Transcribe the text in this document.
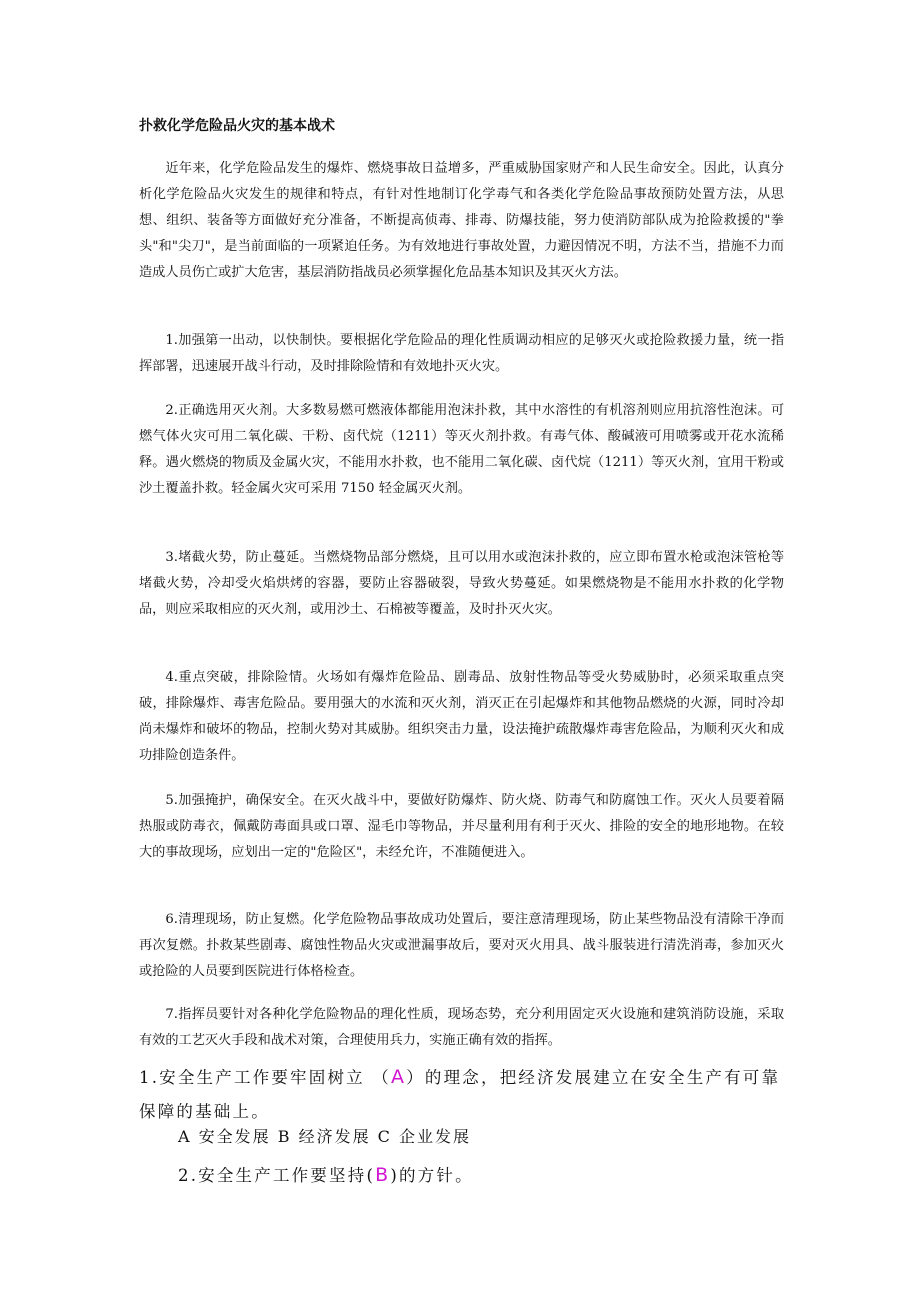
扑救化学危险品火灾的基本战术

近年来，化学危险品发生的爆炸、燃烧事故日益增多，严重威胁国家财产和人民生命安全。因此，认真分析化学危险品火灾发生的规律和特点，有针对性地制订化学毒气和各类化学危险品事故预防处置方法，从思想、组织、装备等方面做好充分准备，不断提高侦毒、排毒、防爆技能，努力使消防部队成为抢险救援的"拳头"和"尖刀"，是当前面临的一项紧迫任务。为有效地进行事故处置，力避因情况不明，方法不当，措施不力而造成人员伤亡或扩大危害，基层消防指战员必须掌握化危品基本知识及其灭火方法。

1.加强第一出动，以快制快。要根据化学危险品的理化性质调动相应的足够灭火或抢险救援力量，统一指挥部署，迅速展开战斗行动，及时排除险情和有效地扑灭火灾。

2.正确选用灭火剂。大多数易燃可燃液体都能用泡沫扑救，其中水溶性的有机溶剂则应用抗溶性泡沫。可燃气体火灾可用二氧化碳、干粉、卤代烷（1211）等灭火剂扑救。有毒气体、酸碱液可用喷雾或开花水流稀释。遇火燃烧的物质及金属火灾，不能用水扑救，也不能用二氧化碳、卤代烷（1211）等灭火剂，宜用干粉或沙土覆盖扑救。轻金属火灾可采用 7150 轻金属灭火剂。

3.堵截火势，防止蔓延。当燃烧物品部分燃烧，且可以用水或泡沫扑救的，应立即布置水枪或泡沫管枪等堵截火势，冷却受火焰烘烤的容器，要防止容器破裂，导致火势蔓延。如果燃烧物是不能用水扑救的化学物品，则应采取相应的灭火剂，或用沙土、石棉被等覆盖，及时扑灭火灾。

4.重点突破，排除险情。火场如有爆炸危险品、剧毒品、放射性物品等受火势威胁时，必须采取重点突破，排除爆炸、毒害危险品。要用强大的水流和灭火剂，消灭正在引起爆炸和其他物品燃烧的火源，同时冷却尚未爆炸和破坏的物品，控制火势对其威胁。组织突击力量，设法掩护疏散爆炸毒害危险品，为顺利灭火和成功排险创造条件。

5.加强掩护，确保安全。在灭火战斗中，要做好防爆炸、防火烧、防毒气和防腐蚀工作。灭火人员要着隔热服或防毒衣，佩戴防毒面具或口罩、湿毛巾等物品，并尽量利用有利于灭火、排险的安全的地形地物。在较大的事故现场，应划出一定的"危险区"，未经允许，不准随便进入。

6.清理现场，防止复燃。化学危险物品事故成功处置后，要注意清理现场，防止某些物品没有清除干净而再次复燃。扑救某些剧毒、腐蚀性物品火灾或泄漏事故后，要对灭火用具、战斗服装进行清洗消毒，参加灭火或抢险的人员要到医院进行体格检查。

7.指挥员要针对各种化学危险物品的理化性质，现场态势，充分利用固定灭火设施和建筑消防设施，采取有效的工艺灭火手段和战术对策，合理使用兵力，实施正确有效的指挥。

1.安全生产工作要牢固树立 （A）的理念，把经济发展建立在安全生产有可靠保障的基础上。

A 安全发展 B 经济发展 C 企业发展
2.安全生产工作要坚持(B)的方针。
